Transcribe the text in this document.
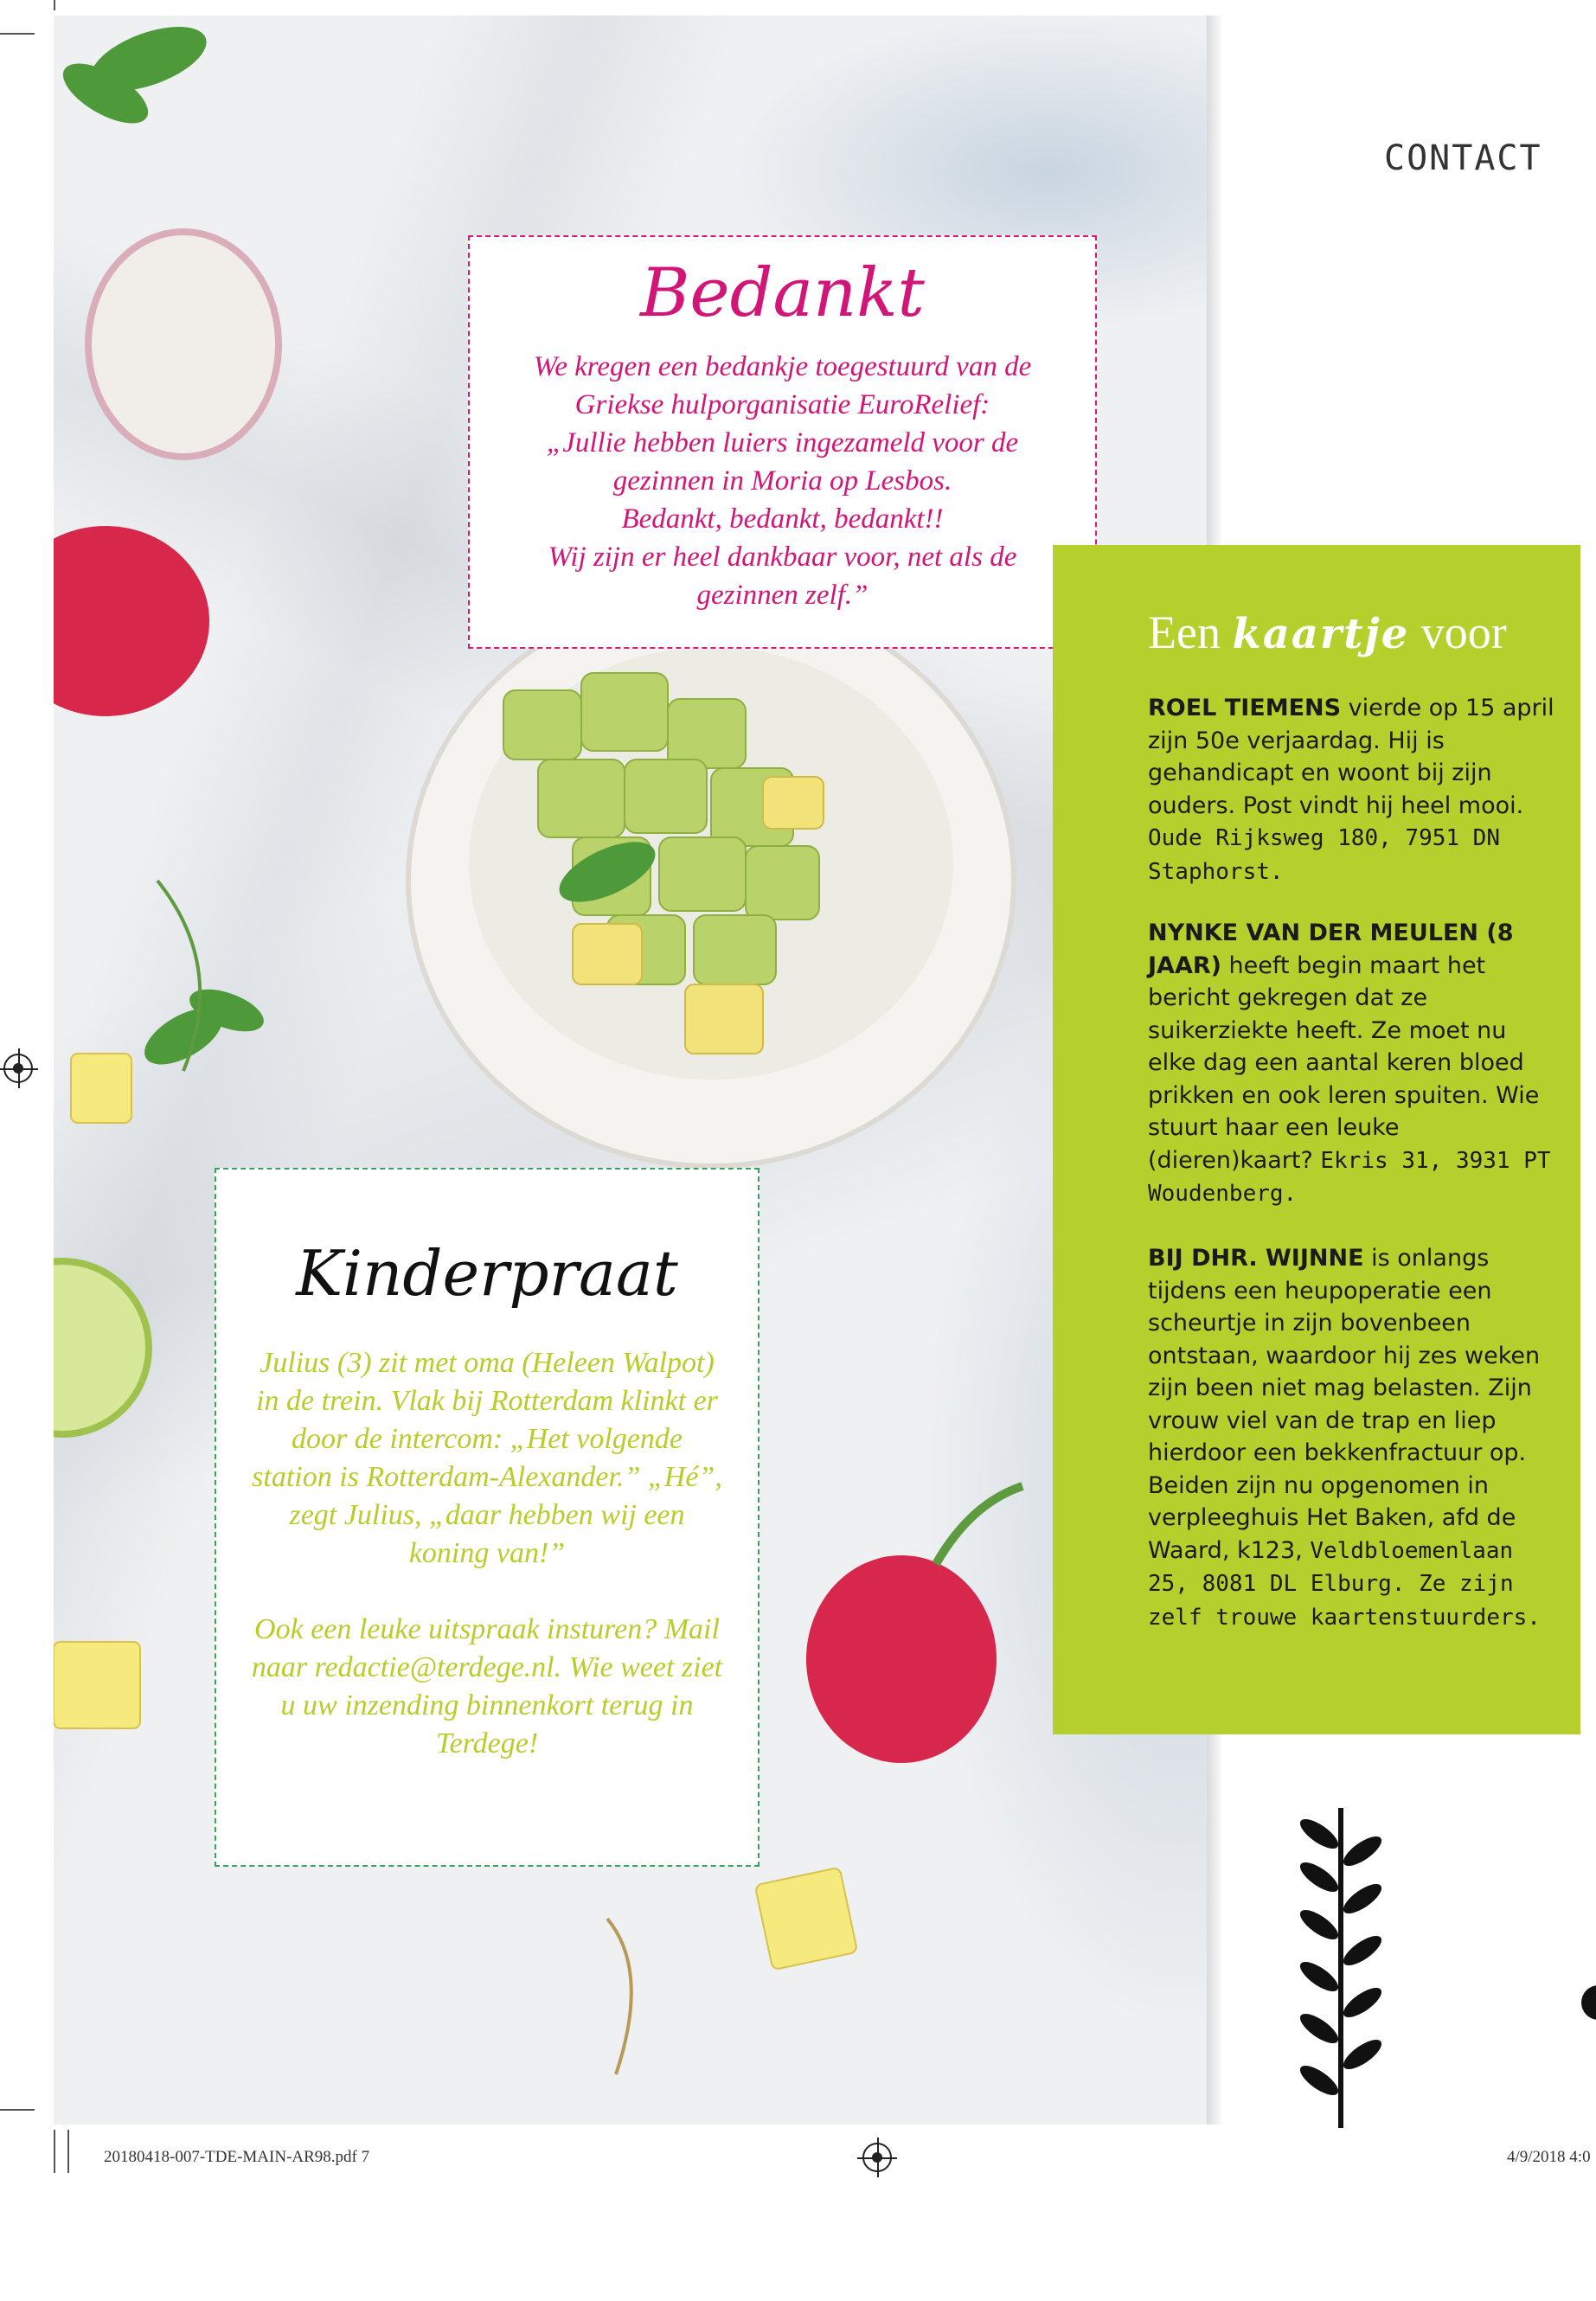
CONTACT
Bedankt
We kregen een bedankje toegestuurd van de
Griekse hulporganisatie EuroRelief:
„Jullie hebben luiers ingezameld voor de
gezinnen in Moria op Lesbos.
Bedankt, bedankt, bedankt!!
Wij zijn er heel dankbaar voor, net als de
gezinnen zelf.”
Een kaartje voor
ROEL TIEMENS vierde op 15 april zijn 50e verjaardag. Hij is gehandicapt en woont bij zijn ouders. Post vindt hij heel mooi. Oude Rijksweg 180, 7951 DN Staphorst.
NYNKE VAN DER MEULEN (8 JAAR) heeft begin maart het bericht gekregen dat ze suikerziekte heeft. Ze moet nu elke dag een aantal keren bloed prikken en ook leren spuiten. Wie stuurt haar een leuke (dieren)kaart? Ekris 31, 3931 PT Woudenberg.
BIJ DHR. WIJNNE is onlangs tijdens een heupoperatie een scheurtje in zijn bovenbeen ontstaan, waardoor hij zes weken zijn been niet mag belasten. Zijn vrouw viel van de trap en liep hierdoor een bekkenfractuur op. Beiden zijn nu opgenomen in verpleeghuis Het Baken, afd de Waard, k123, Veldbloemenlaan 25, 8081 DL Elburg. Ze zijn zelf trouwe kaartenstuurders.
Kinderpraat

Julius (3) zit met oma (Heleen Walpot) in de trein. Vlak bij Rotterdam klinkt er door de intercom: „Het volgende station is Rotterdam-Alexander.” „Hé”, zegt Julius, „daar hebben wij een koning van!”

Ook een leuke uitspraak insturen? Mail naar redactie@terdege.nl. Wie weet ziet u uw inzending binnenkort terug in Terdege!

20180418-007-TDE-MAIN-AR98.pdf 7	4/9/2018 4:0
